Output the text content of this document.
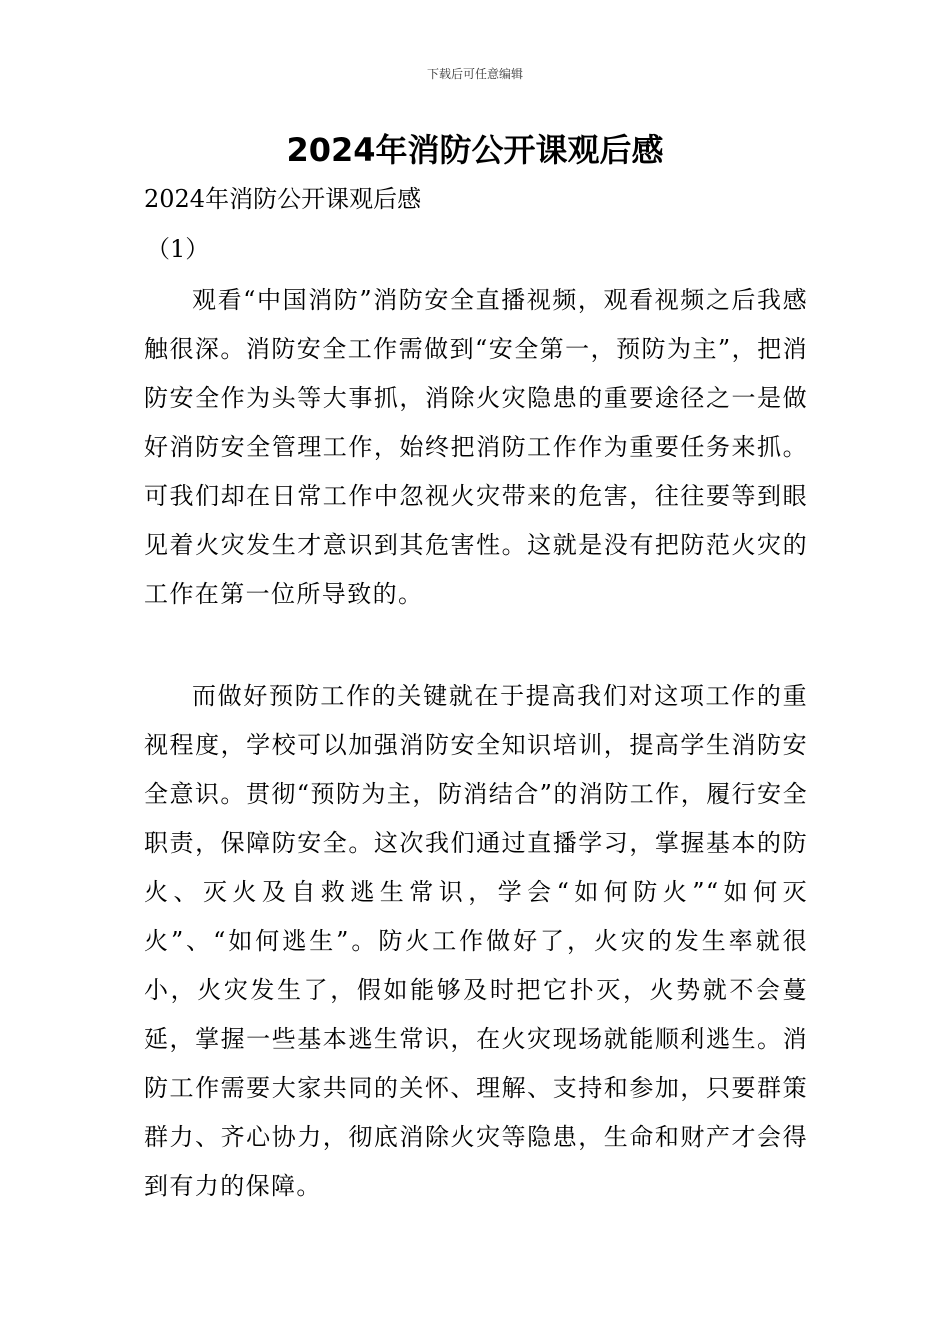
下载后可任意编辑
2024年消防公开课观后感

2024年消防公开课观后感

（1）

观看“中国消防”消防安全直播视频，观看视频之后我感触很深。消防安全工作需做到“安全第一，预防为主”，把消防安全作为头等大事抓，消除火灾隐患的重要途径之一是做好消防安全管理工作，始终把消防工作作为重要任务来抓。可我们却在日常工作中忽视火灾带来的危害，往往要等到眼见着火灾发生才意识到其危害性。这就是没有把防范火灾的工作在第一位所导致的。

而做好预防工作的关键就在于提高我们对这项工作的重视程度，学校可以加强消防安全知识培训，提高学生消防安全意识。贯彻“预防为主，防消结合”的消防工作，履行安全职责，保障防安全。这次我们通过直播学习，掌握基本的防火、灭火及自救逃生常识，学会“如何防火”“如何灭火”、“如何逃生”。防火工作做好了，火灾的发生率就很小，火灾发生了，假如能够及时把它扑灭，火势就不会蔓延，掌握一些基本逃生常识，在火灾现场就能顺利逃生。消防工作需要大家共同的关怀、理解、支持和参加，只要群策群力、齐心协力，彻底消除火灾等隐患，生命和财产才会得到有力的保障。
